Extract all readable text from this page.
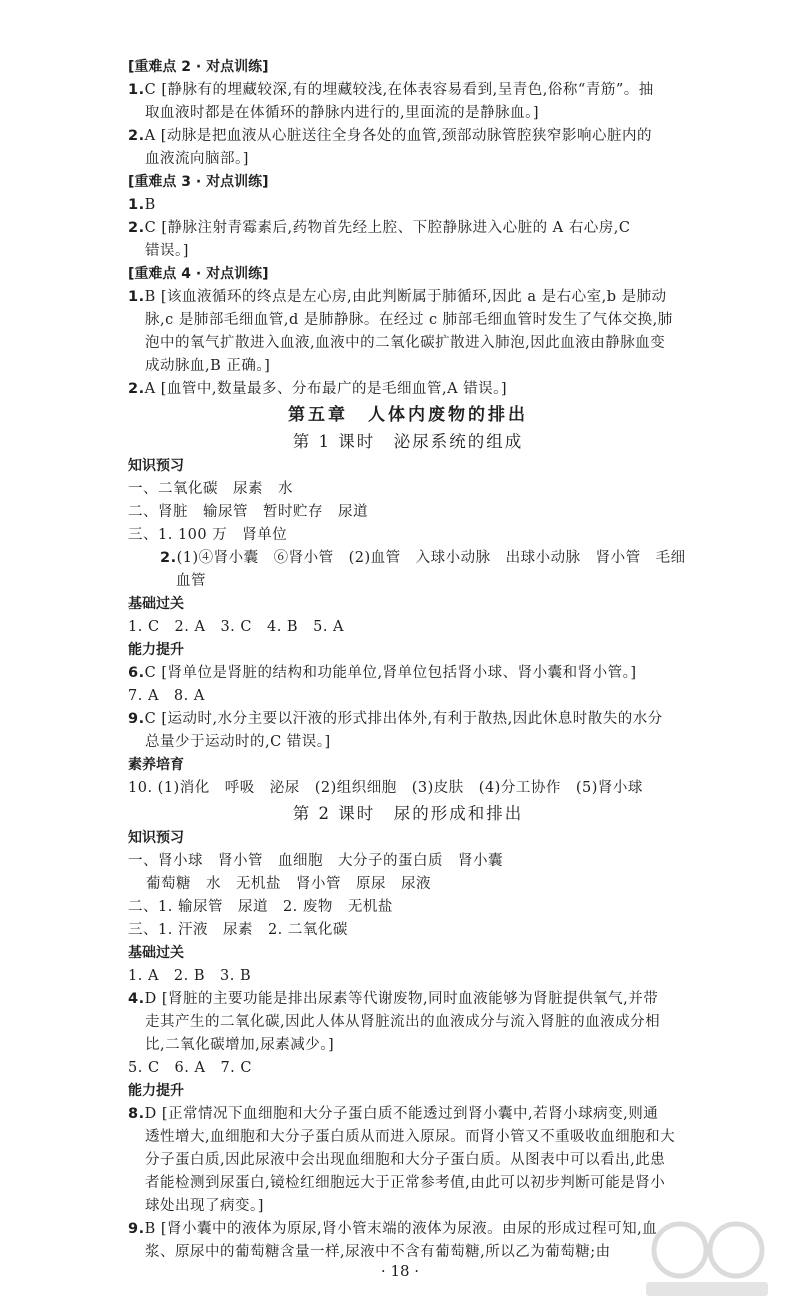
[重难点 2 · 对点训练]
1.C [静脉有的埋藏较深,有的埋藏较浅,在体表容易看到,呈青色,俗称“青筋”。抽
取血液时都是在体循环的静脉内进行的,里面流的是静脉血。]
2.A [动脉是把血液从心脏送往全身各处的血管,颈部动脉管腔狭窄影响心脏内的
血液流向脑部。]
[重难点 3 · 对点训练]
1.B
2.C [静脉注射青霉素后,药物首先经上腔、下腔静脉进入心脏的 A 右心房,C
错误。]
[重难点 4 · 对点训练]
1.B [该血液循环的终点是左心房,由此判断属于肺循环,因此 a 是右心室,b 是肺动
脉,c 是肺部毛细血管,d 是肺静脉。在经过 c 肺部毛细血管时发生了气体交换,肺
泡中的氧气扩散进入血液,血液中的二氧化碳扩散进入肺泡,因此血液由静脉血变
成动脉血,B 正确。]
2.A [血管中,数量最多、分布最广的是毛细血管,A 错误。]
第五章　人体内废物的排出
第 1 课时　泌尿系统的组成
知识预习
一、二氧化碳　尿素　水
二、肾脏　输尿管　暂时贮存　尿道
三、1. 100 万　肾单位
2.(1)④肾小囊　⑥肾小管　(2)血管　入球小动脉　出球小动脉　肾小管　毛细
血管
基础过关
1. C　2. A　3. C　4. B　5. A
能力提升
6.C [肾单位是肾脏的结构和功能单位,肾单位包括肾小球、肾小囊和肾小管。]
7. A　8. A
9.C [运动时,水分主要以汗液的形式排出体外,有利于散热,因此休息时散失的水分
总量少于运动时的,C 错误。]
素养培育
10. (1)消化　呼吸　泌尿　(2)组织细胞　(3)皮肤　(4)分工协作　(5)肾小球
第 2 课时　尿的形成和排出
知识预习
一、肾小球　肾小管　血细胞　大分子的蛋白质　肾小囊
葡萄糖　水　无机盐　肾小管　原尿　尿液
二、1. 输尿管　尿道　2. 废物　无机盐
三、1. 汗液　尿素　2. 二氧化碳
基础过关
1. A　2. B　3. B
4.D [肾脏的主要功能是排出尿素等代谢废物,同时血液能够为肾脏提供氧气,并带
走其产生的二氧化碳,因此人体从肾脏流出的血液成分与流入肾脏的血液成分相
比,二氧化碳增加,尿素减少。]
5. C　6. A　7. C
能力提升
8.D [正常情况下血细胞和大分子蛋白质不能透过到肾小囊中,若肾小球病变,则通
透性增大,血细胞和大分子蛋白质从而进入原尿。而肾小管又不重吸收血细胞和大
分子蛋白质,因此尿液中会出现血细胞和大分子蛋白质。从图表中可以看出,此患
者能检测到尿蛋白,镜检红细胞远大于正常参考值,由此可以初步判断可能是肾小
球处出现了病变。]
9.B [肾小囊中的液体为原尿,肾小管末端的液体为尿液。由尿的形成过程可知,血
浆、原尿中的葡萄糖含量一样,尿液中不含有葡萄糖,所以乙为葡萄糖;由
· 18 ·
